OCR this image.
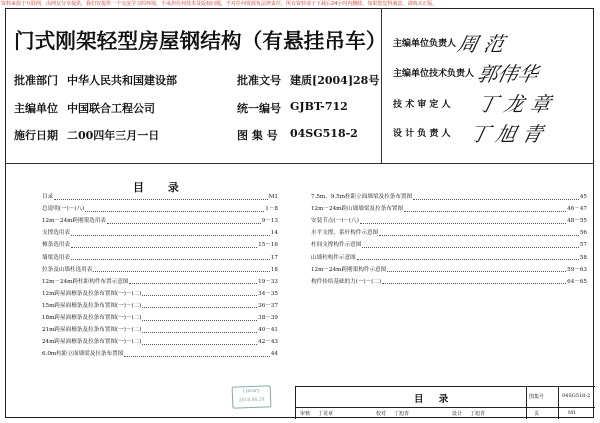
资料来源于互联网，由网友分享提供，我们仅提供一个交流学习的环境，不承担任何技术及版权问题，不对任何资源负法律责任，所有资料请于下载后24小时内删除，如果您觉得满意，请购买正版。
门式刚架轻型房屋钢结构（有悬挂吊车）
批准部门 中华人民共和国建设部	批准文号 建质[2004]28号
主编单位 中国联合工程公司	统一编号 GJBT-712
施行日期 二00四年三月一日	图 集 号 04SG518-2
主编单位负责人 周 范
主编单位技术负责人 郭伟华
技 术 审 定 人 丁 龙 章
设 计 负 责 人 丁 旭 青
目 录
目录	M1
总说明(一)－(八)	1－8
12m－24m跨刚架选用表	9－13
支撑选用表	14
檩条选用表	15－16
墙梁选用表	17
拉条及山墙柱选用表	18
12m－24m跨柱距构件布置示意图	19－33
12m跨屋面檩条及拉条布置图(一)－(二)	34－35
15m跨屋面檩条及拉条布置图(一)－(二)	36－37
18m跨屋面檩条及拉条布置图(一)－(二)	38－39
21m跨屋面檩条及拉条布置图(一)－(二)	40－41
24m跨屋面檩条及拉条布置图(一)－(二)	42－43
6.0m柱距立面墙梁及拉条布置图	44
7.5m、9.5m柱距立面墙梁及拉条布置图	45
12m－24m跨山墙墙梁及拉条布置图	46－47
安装节点(一)－(八)	48－55
水平支撑、系杆构件示意图	56
柱间支撑构件示意图	57
山墙柱构件示意图	58
12m－24m跨刚架构件示意图	59－63
构件传给基础的力(一)－(二)	64－65
Library
2018.06.20	目 录	图集号	04SG518-2
审核 丁龙章	校对 丁旭青	设计 丁旭青	页	M1
